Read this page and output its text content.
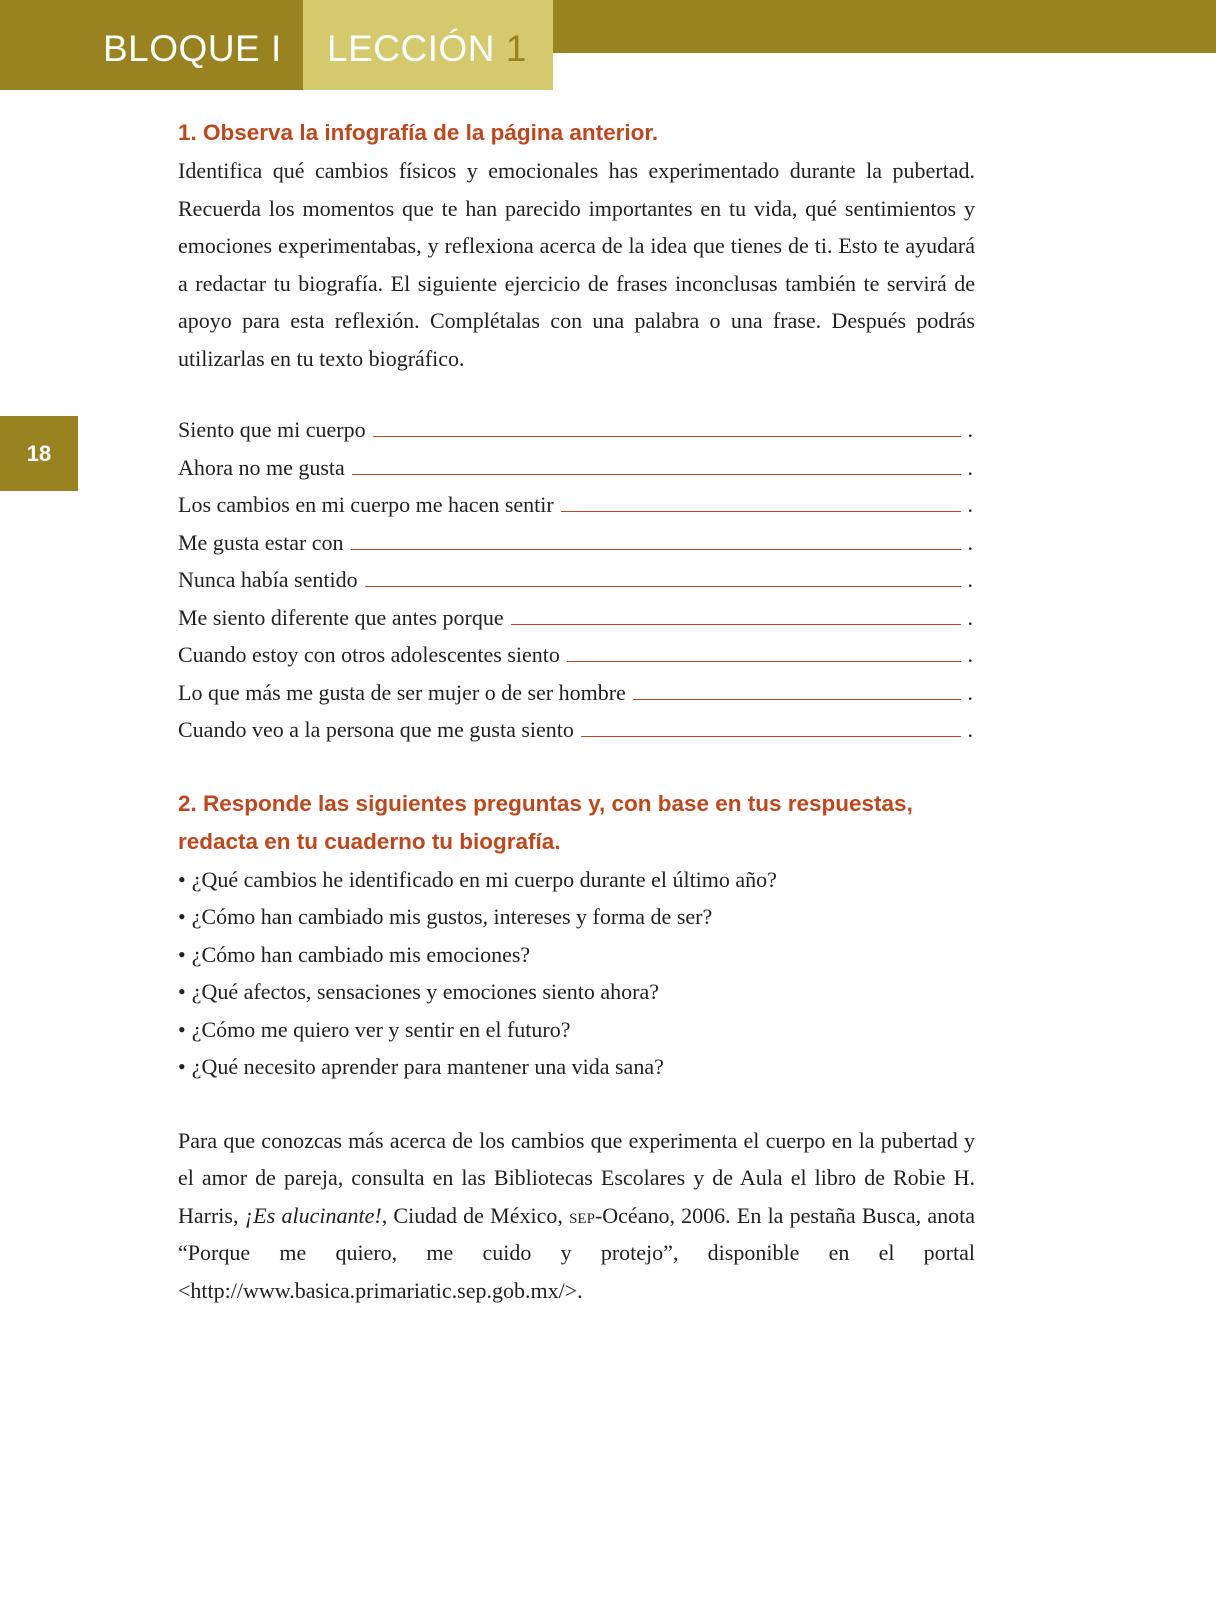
BLOQUE I LECCIÓN 1
18

1. Observa la infografía de la página anterior.

Identifica qué cambios físicos y emocionales has experimentado durante la pubertad. Recuerda los momentos que te han parecido importantes en tu vida, qué sentimientos y emociones experimentabas, y reflexiona acerca de la idea que tienes de ti. Esto te ayudará a redactar tu biografía. El siguiente ejercicio de frases inconclusas también te servirá de apoyo para esta reflexión. Complétalas con una palabra o una frase. Después podrás utilizarlas en tu texto biográfico.

Siento que mi cuerpo	.
Ahora no me gusta	.
Los cambios en mi cuerpo me hacen sentir	.
Me gusta estar con	.
Nunca había sentido	.
Me siento diferente que antes porque	.
Cuando estoy con otros adolescentes siento	.
Lo que más me gusta de ser mujer o de ser hombre	.
Cuando veo a la persona que me gusta siento	.

2. Responde las siguientes preguntas y, con base en tus respuestas, redacta en tu cuaderno tu biografía.

• ¿Qué cambios he identificado en mi cuerpo durante el último año?
• ¿Cómo han cambiado mis gustos, intereses y forma de ser?
• ¿Cómo han cambiado mis emociones?
• ¿Qué afectos, sensaciones y emociones siento ahora?
• ¿Cómo me quiero ver y sentir en el futuro?
• ¿Qué necesito aprender para mantener una vida sana?

Para que conozcas más acerca de los cambios que experimenta el cuerpo en la pubertad y el amor de pareja, consulta en las Bibliotecas Escolares y de Aula el libro de Robie H. Harris, ¡Es alucinante!, Ciudad de México, sep-Océano, 2006. En la pestaña Busca, anota “Porque me quiero, me cuido y protejo”, disponible en el portal <http://www.basica.primariatic.sep.gob.mx/>.
